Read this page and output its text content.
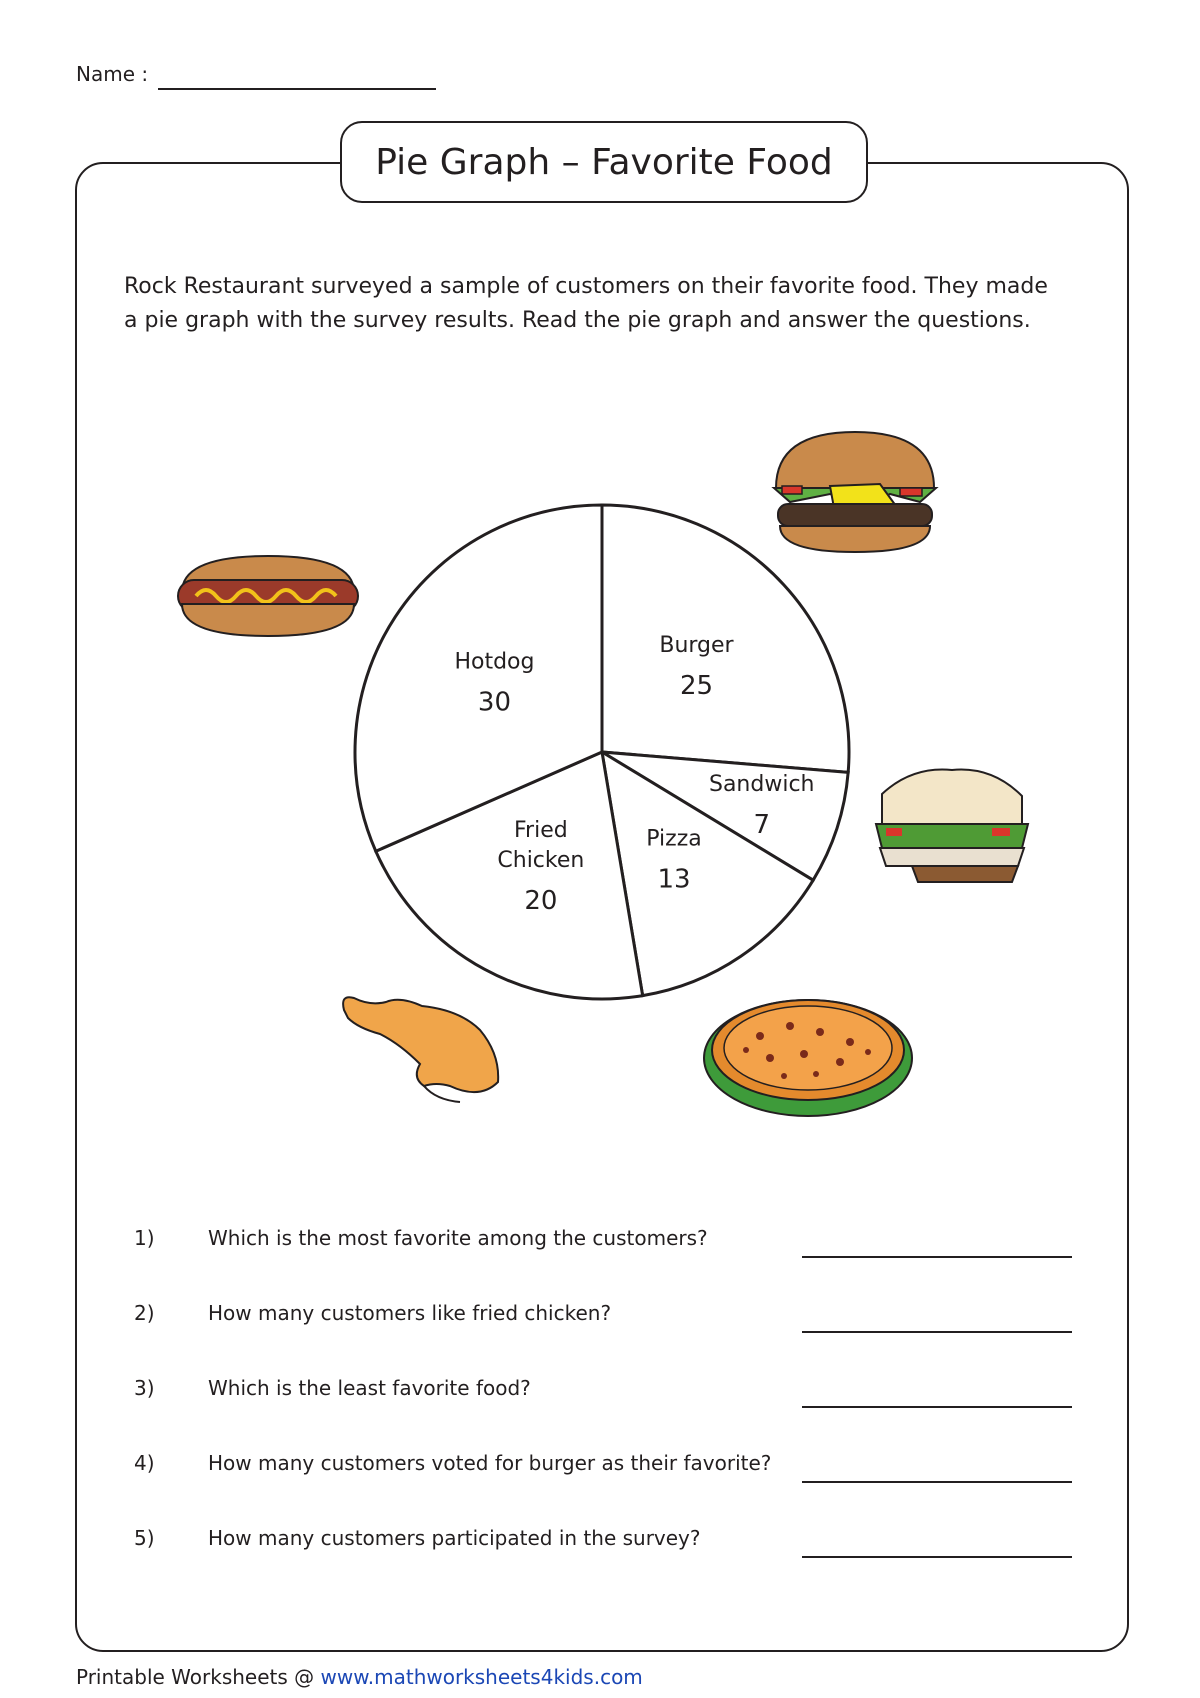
Name :
Pie Graph – Favorite Food
Rock Restaurant surveyed a sample of customers on their favorite food. They made
a pie graph with the survey results. Read the pie graph and answer the questions.
Burger
25
Sandwich
7
Pizza
13
Fried Chicken
20
Hotdog
30
1)	Which is the most favorite among the customers?
2)	How many customers like fried chicken?
3)	Which is the least favorite food?
4)	How many customers voted for burger as their favorite?
5)	How many customers participated in the survey?
Printable Worksheets @ www.mathworksheets4kids.com
